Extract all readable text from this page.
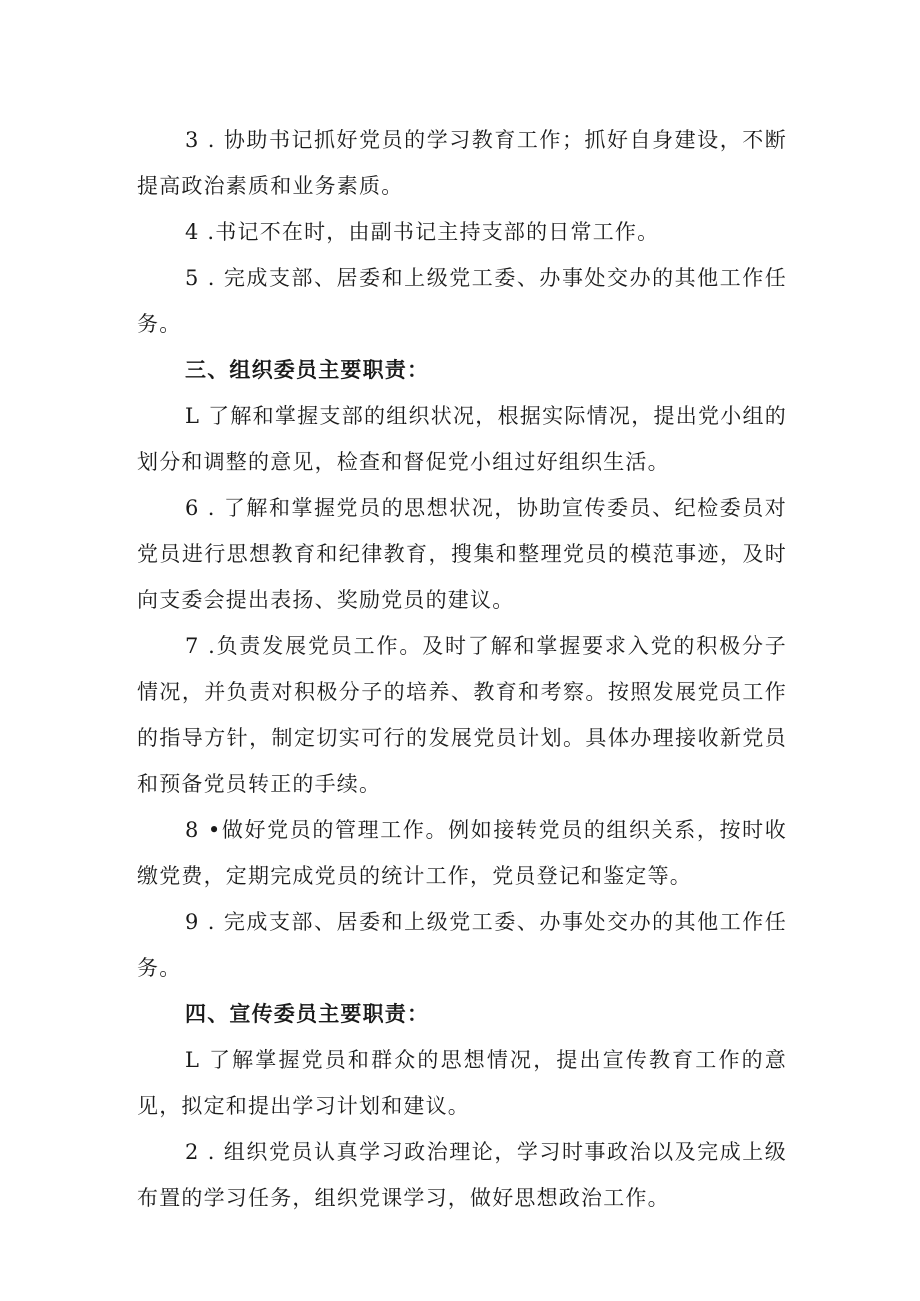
3 . 协助书记抓好党员的学习教育工作；抓好自身建设，不断提高政治素质和业务素质。

4 .书记不在时，由副书记主持支部的日常工作。

5 . 完成支部、居委和上级党工委、办事处交办的其他工作任务。

三、组织委员主要职责：

L 了解和掌握支部的组织状况，根据实际情况，提出党小组的划分和调整的意见，检查和督促党小组过好组织生活。

6 . 了解和掌握党员的思想状况，协助宣传委员、纪检委员对党员进行思想教育和纪律教育，搜集和整理党员的模范事迹，及时向支委会提出表扬、奖励党员的建议。

7 .负责发展党员工作。及时了解和掌握要求入党的积极分子情况，并负责对积极分子的培养、教育和考察。按照发展党员工作的指导方针，制定切实可行的发展党员计划。具体办理接收新党员和预备党员转正的手续。

8 •做好党员的管理工作。例如接转党员的组织关系，按时收缴党费，定期完成党员的统计工作，党员登记和鉴定等。

9 . 完成支部、居委和上级党工委、办事处交办的其他工作任务。

四、宣传委员主要职责：

L 了解掌握党员和群众的思想情况，提出宣传教育工作的意见，拟定和提出学习计划和建议。

2 . 组织党员认真学习政治理论，学习时事政治以及完成上级布置的学习任务，组织党课学习，做好思想政治工作。
